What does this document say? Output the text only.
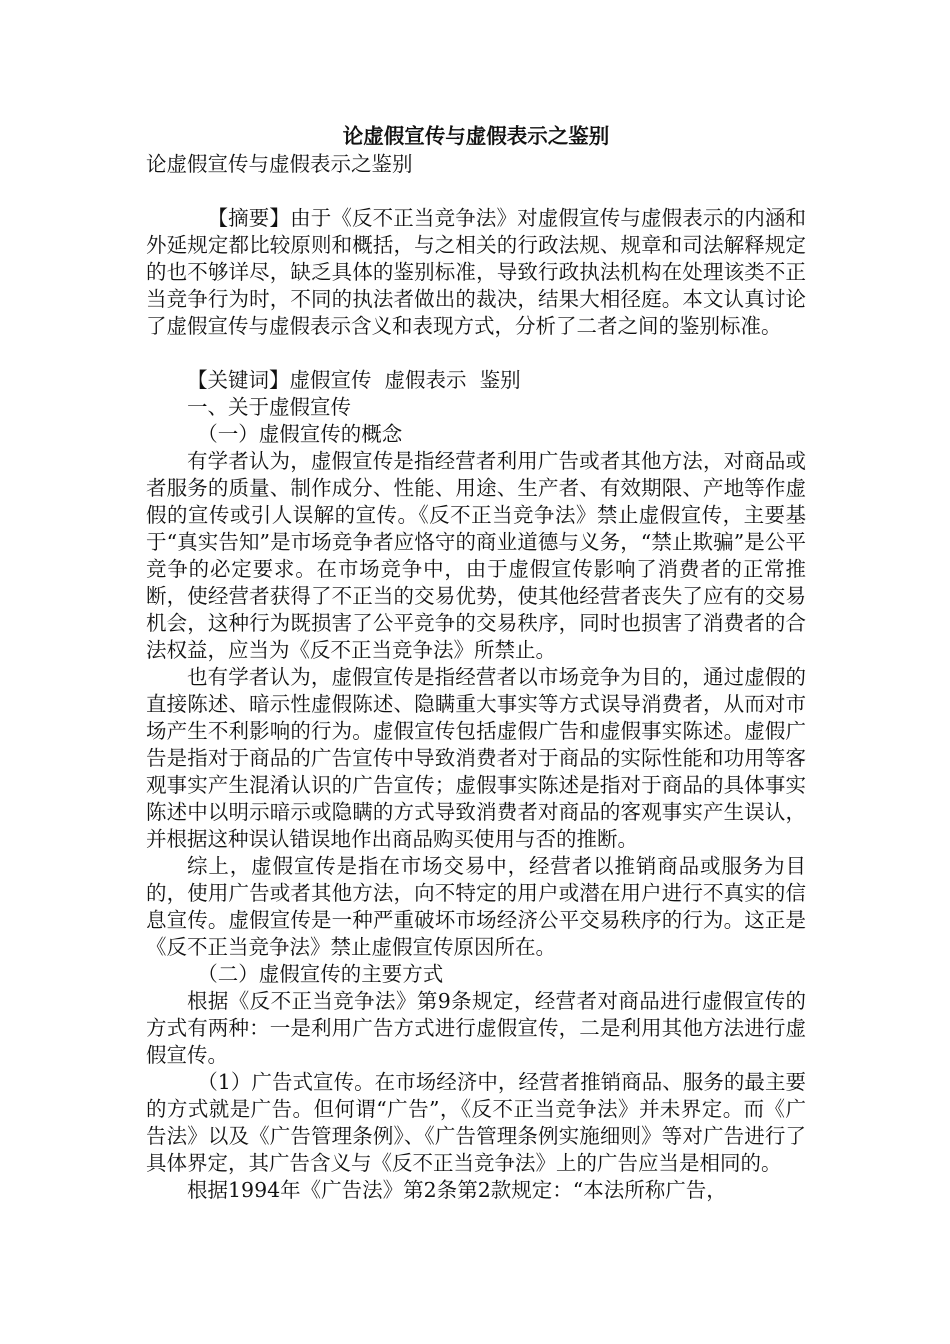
论虚假宣传与虚假表示之鉴别

论虚假宣传与虚假表示之鉴别

【摘要】由于《反不正当竞争法》对虚假宣传与虚假表示的内涵和外延规定都比较原则和概括，与之相关的行政法规、规章和司法解释规定的也不够详尽，缺乏具体的鉴别标准，导致行政执法机构在处理该类不正当竞争行为时，不同的执法者做出的裁决，结果大相径庭。本文认真讨论了虚假宣传与虚假表示含义和表现方式，分析了二者之间的鉴别标准。

【关键词】虚假宣传  虚假表示  鉴别

一、关于虚假宣传

（一）虚假宣传的概念

有学者认为，虚假宣传是指经营者利用广告或者其他方法，对商品或者服务的质量、制作成分、性能、用途、生产者、有效期限、产地等作虚假的宣传或引人误解的宣传。《反不正当竞争法》禁止虚假宣传，主要基于“真实告知”是市场竞争者应恪守的商业道德与义务，“禁止欺骗”是公平竞争的必定要求。在市场竞争中，由于虚假宣传影响了消费者的正常推断，使经营者获得了不正当的交易优势，使其他经营者丧失了应有的交易机会，这种行为既损害了公平竞争的交易秩序，同时也损害了消费者的合法权益，应当为《反不正当竞争法》所禁止。

也有学者认为，虚假宣传是指经营者以市场竞争为目的，通过虚假的直接陈述、暗示性虚假陈述、隐瞒重大事实等方式误导消费者，从而对市场产生不利影响的行为。虚假宣传包括虚假广告和虚假事实陈述。虚假广告是指对于商品的广告宣传中导致消费者对于商品的实际性能和功用等客观事实产生混淆认识的广告宣传；虚假事实陈述是指对于商品的具体事实陈述中以明示暗示或隐瞒的方式导致消费者对商品的客观事实产生误认，并根据这种误认错误地作出商品购买使用与否的推断。

综上，虚假宣传是指在市场交易中，经营者以推销商品或服务为目的，使用广告或者其他方法，向不特定的用户或潜在用户进行不真实的信息宣传。虚假宣传是一种严重破坏市场经济公平交易秩序的行为。这正是《反不正当竞争法》禁止虚假宣传原因所在。

（二）虚假宣传的主要方式

根据《反不正当竞争法》第9条规定，经营者对商品进行虚假宣传的方式有两种：一是利用广告方式进行虚假宣传，二是利用其他方法进行虚假宣传。

（1）广告式宣传。在市场经济中，经营者推销商品、服务的最主要的方式就是广告。但何谓“广告”，《反不正当竞争法》并未界定。而《广告法》以及《广告管理条例》、《广告管理条例实施细则》等对广告进行了具体界定，其广告含义与《反不正当竞争法》上的广告应当是相同的。

根据1994年《广告法》第2条第2款规定：“本法所称广告，
